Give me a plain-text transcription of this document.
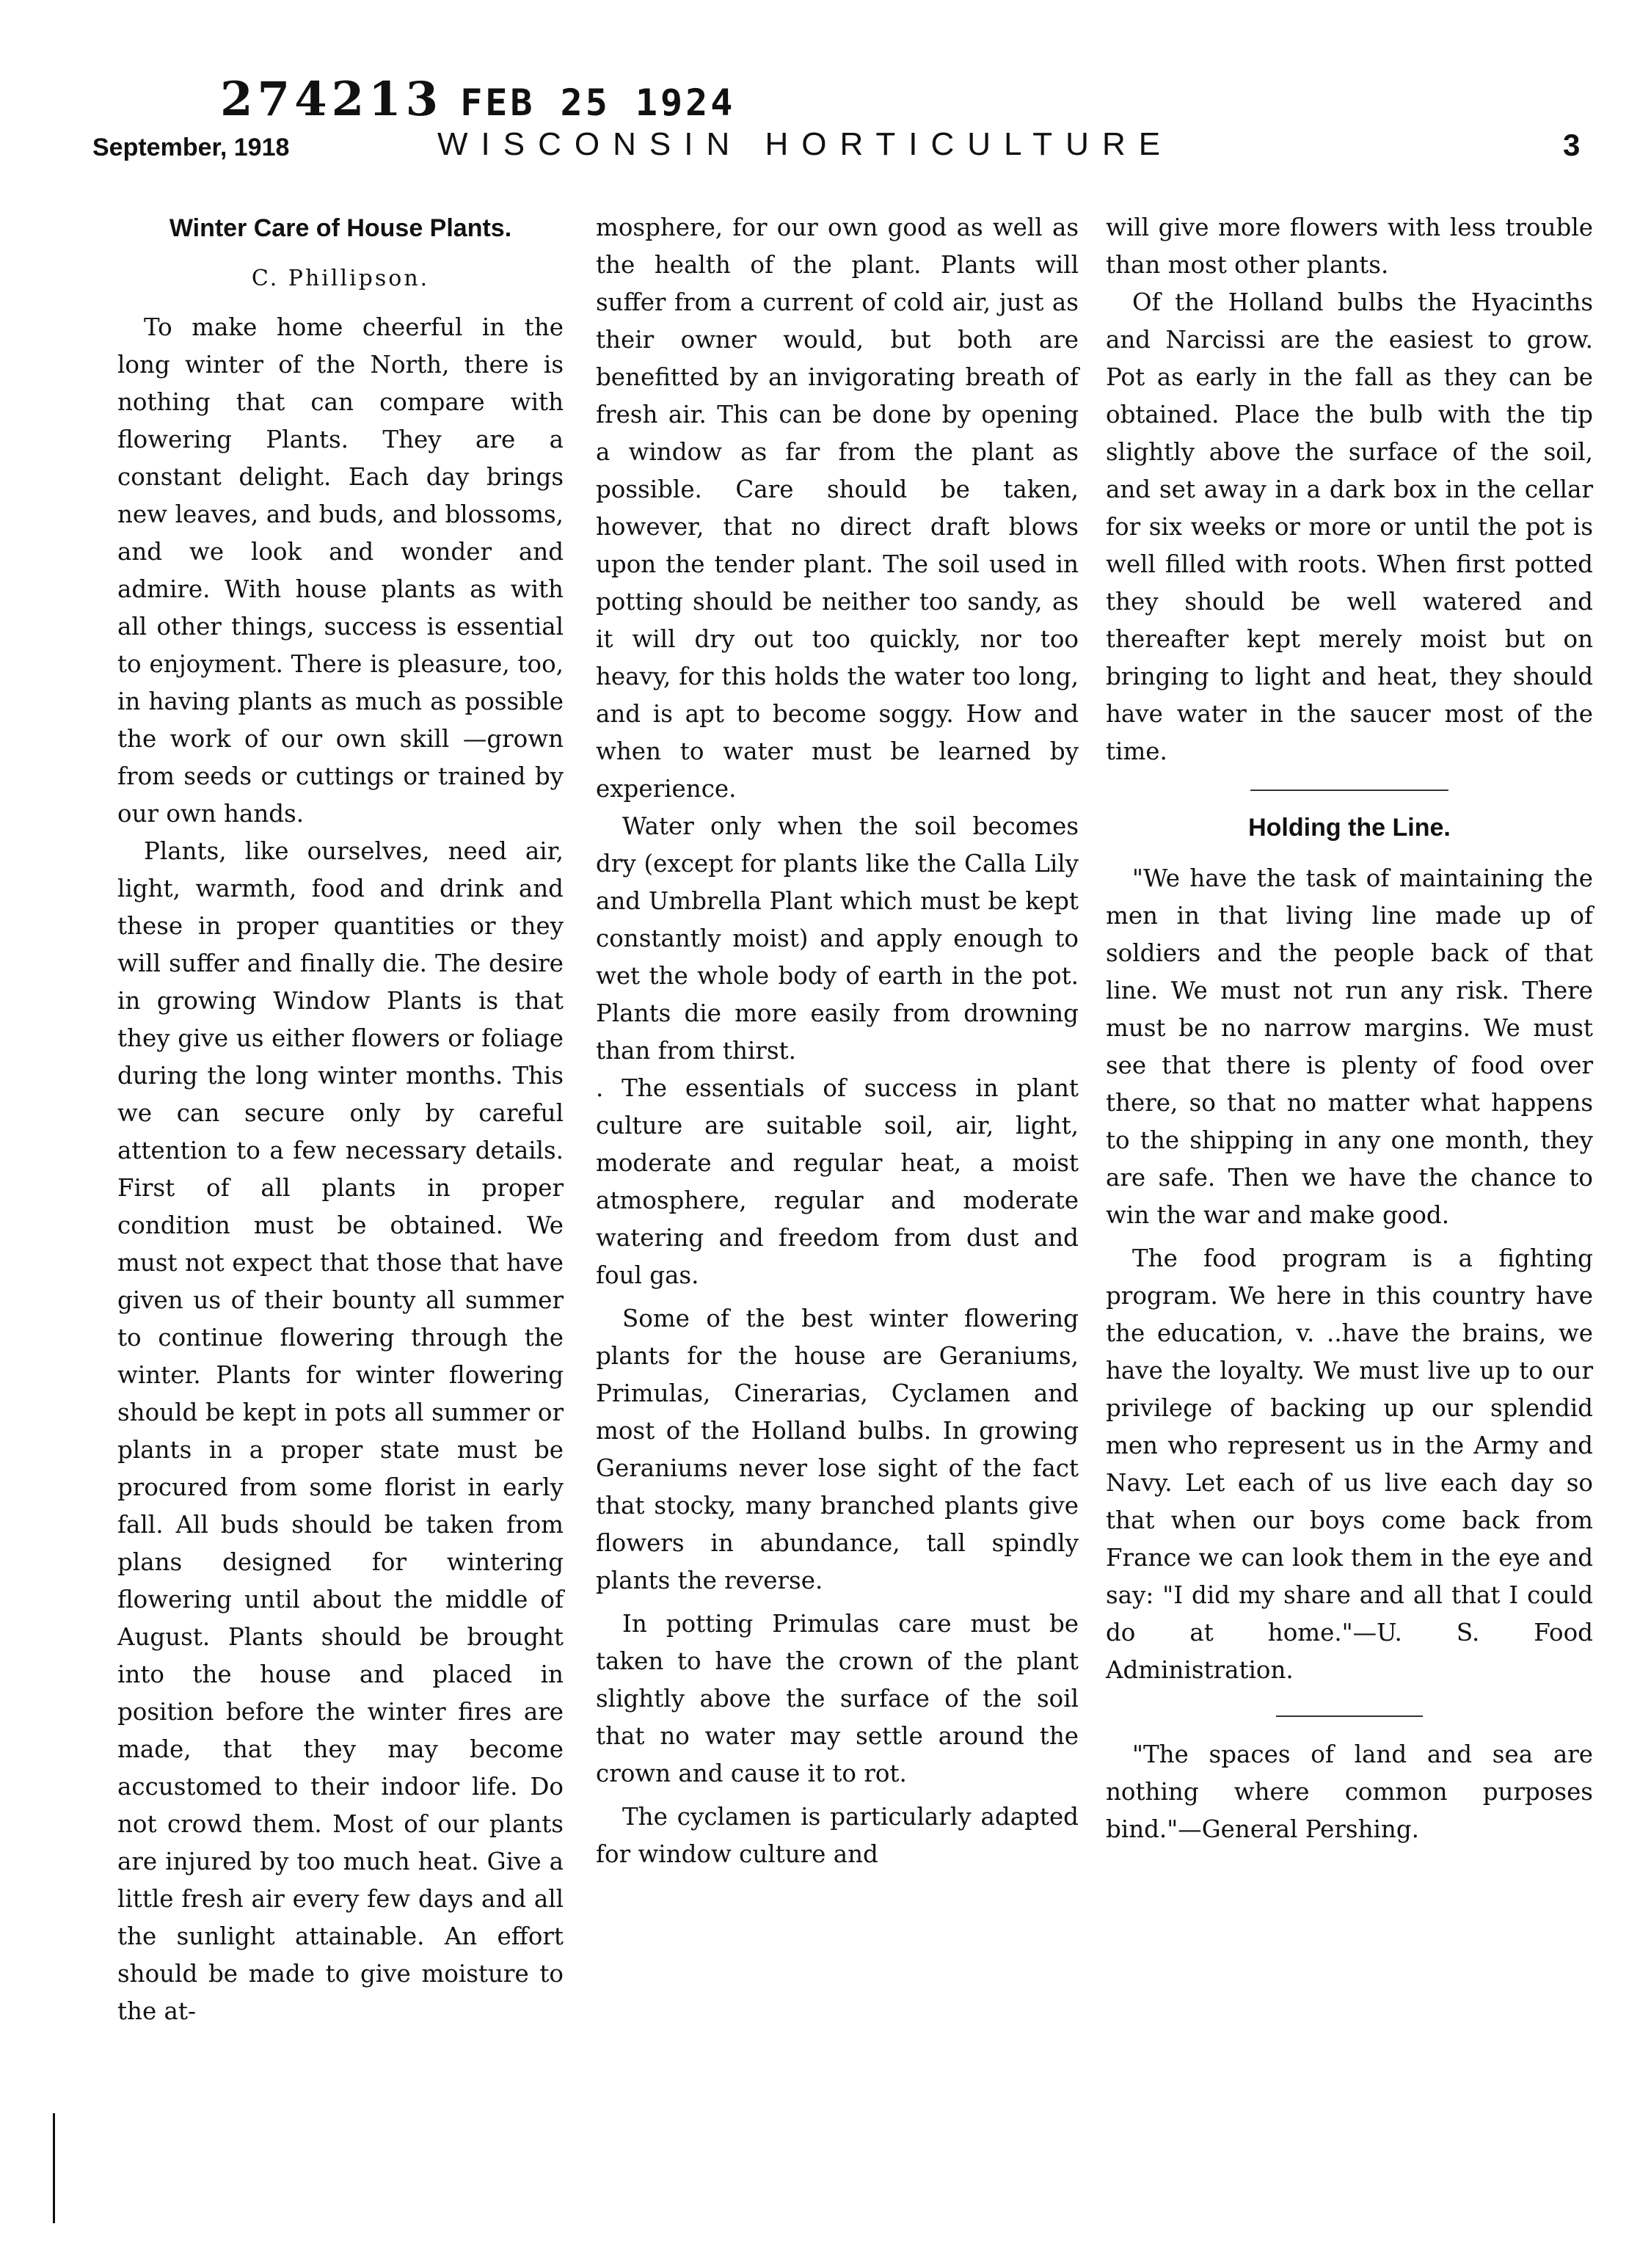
274213 FEB 25 1924
September, 1918	WISCONSIN HORTICULTURE	3
Winter Care of House Plants.
C. Phillipson.

To make home cheerful in the long winter of the North, there is nothing that can compare with flowering Plants. They are a constant delight. Each day brings new leaves, and buds, and blossoms, and we look and wonder and admire. With house plants as with all other things, success is essential to enjoyment. There is pleasure, too, in having plants as much as possible the work of our own skill —grown from seeds or cuttings or trained by our own hands.

Plants, like ourselves, need air, light, warmth, food and drink and these in proper quantities or they will suffer and finally die. The desire in growing Window Plants is that they give us either flowers or foliage during the long winter months. This we can secure only by careful attention to a few necessary details. First of all plants in proper condition must be obtained. We must not expect that those that have given us of their bounty all summer to continue flowering through the winter. Plants for winter flowering should be kept in pots all summer or plants in a proper state must be procured from some florist in early fall. All buds should be taken from plans designed for wintering flowering until about the middle of August. Plants should be brought into the house and placed in position before the winter fires are made, that they may become accustomed to their indoor life. Do not crowd them. Most of our plants are injured by too much heat. Give a little fresh air every few days and all the sunlight attainable. An effort should be made to give moisture to the at-

mosphere, for our own good as well as the health of the plant. Plants will suffer from a current of cold air, just as their owner would, but both are benefitted by an invigorating breath of fresh air. This can be done by opening a window as far from the plant as possible. Care should be taken, however, that no direct draft blows upon the tender plant. The soil used in potting should be neither too sandy, as it will dry out too quickly, nor too heavy, for this holds the water too long, and is apt to become soggy. How and when to water must be learned by experience.

Water only when the soil becomes dry (except for plants like the Calla Lily and Umbrella Plant which must be kept constantly moist) and apply enough to wet the whole body of earth in the pot. Plants die more easily from drowning than from thirst.

. The essentials of success in plant culture are suitable soil, air, light, moderate and regular heat, a moist atmosphere, regular and moderate watering and freedom from dust and foul gas.

Some of the best winter flowering plants for the house are Geraniums, Primulas, Cinerarias, Cyclamen and most of the Holland bulbs. In growing Geraniums never lose sight of the fact that stocky, many branched plants give flowers in abundance, tall spindly plants the reverse.

In potting Primulas care must be taken to have the crown of the plant slightly above the surface of the soil that no water may settle around the crown and cause it to rot.

The cyclamen is particularly adapted for window culture and

will give more flowers with less trouble than most other plants.

Of the Holland bulbs the Hyacinths and Narcissi are the easiest to grow. Pot as early in the fall as they can be obtained. Place the bulb with the tip slightly above the surface of the soil, and set away in a dark box in the cellar for six weeks or more or until the pot is well filled with roots. When first potted they should be well watered and thereafter kept merely moist but on bringing to light and heat, they should have water in the saucer most of the time.

Holding the Line.

"We have the task of maintaining the men in that living line made up of soldiers and the people back of that line. We must not run any risk. There must be no narrow margins. We must see that there is plenty of food over there, so that no matter what happens to the shipping in any one month, they are safe. Then we have the chance to win the war and make good.

The food program is a fighting program. We here in this country have the education, v. ..have the brains, we have the loyalty. We must live up to our privilege of backing up our splendid men who represent us in the Army and Navy. Let each of us live each day so that when our boys come back from France we can look them in the eye and say: "I did my share and all that I could do at home."—U. S. Food Administration.

"The spaces of land and sea are nothing where common purposes bind."—General Pershing.
